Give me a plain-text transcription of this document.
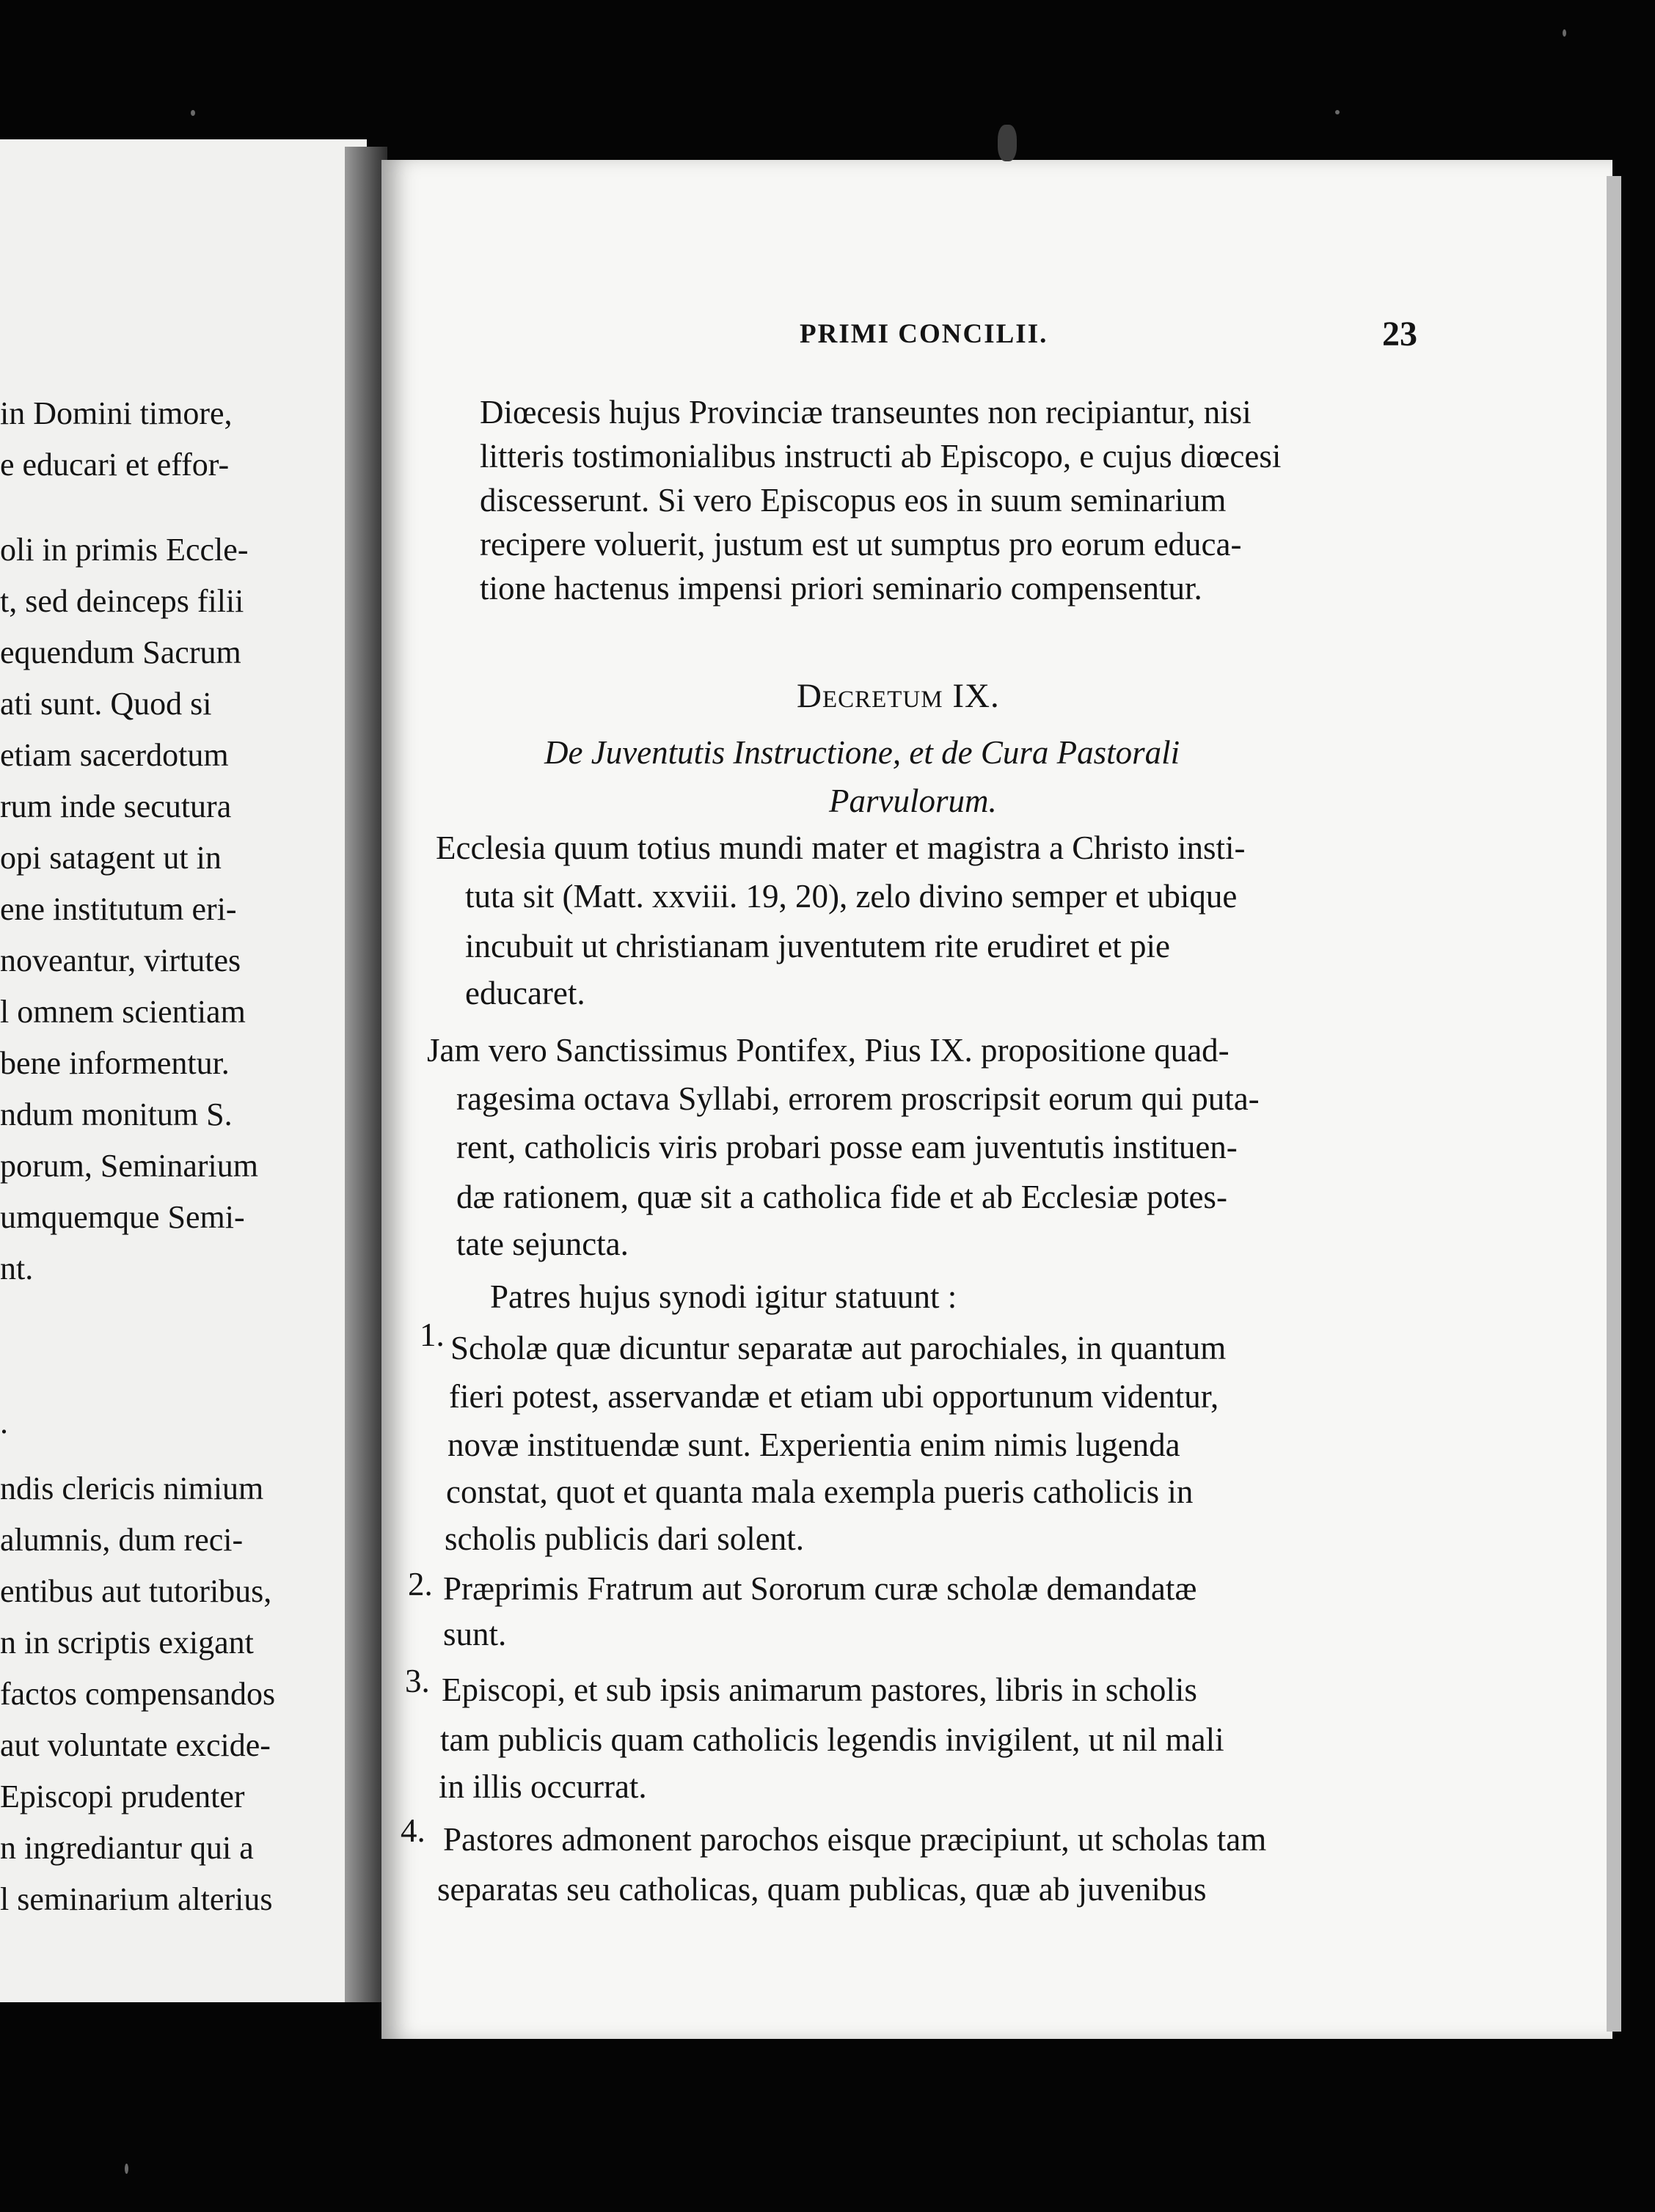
in Domini timore,
e educari et effor-
oli in primis Eccle-
t, sed deinceps filii
equendum Sacrum
ati sunt. Quod si
etiam sacerdotum
rum inde secutura
opi satagent ut in
ene institutum eri-
noveantur, virtutes
l omnem scientiam
bene informentur.
ndum monitum S.
porum, Seminarium
umquemque Semi-
nt.
.
ndis clericis nimium
alumnis, dum reci-
entibus aut tutoribus,
n in scriptis exigant
factos compensandos
aut voluntate excide-
Episcopi prudenter
n ingrediantur qui a
l seminarium alterius
PRIMI CONCILII.	23
Diœcesis hujus Provinciæ transeuntes non recipiantur, nisi
litteris tostimonialibus instructi ab Episcopo, e cujus diœcesi
discesserunt. Si vero Episcopus eos in suum seminarium
recipere voluerit, justum est ut sumptus pro eorum educa-
tione hactenus impensi priori seminario compensentur.
Decretum IX.
De Juventutis Instructione, et de Cura Pastorali
Parvulorum.
Ecclesia quum totius mundi mater et magistra a Christo insti-
tuta sit (Matt. xxviii. 19, 20), zelo divino semper et ubique
incubuit ut christianam juventutem rite erudiret et pie
educaret.
Jam vero Sanctissimus Pontifex, Pius IX. propositione quad-
ragesima octava Syllabi, errorem proscripsit eorum qui puta-
rent, catholicis viris probari posse eam juventutis instituen-
dæ rationem, quæ sit a catholica fide et ab Ecclesiæ potes-
tate sejuncta.
Patres hujus synodi igitur statuunt :
1. Scholæ quæ dicuntur separatæ aut parochiales, in quantum
fieri potest, asservandæ et etiam ubi opportunum videntur,
novæ instituendæ sunt. Experientia enim nimis lugenda
constat, quot et quanta mala exempla pueris catholicis in
scholis publicis dari solent.
2. Præprimis Fratrum aut Sororum curæ scholæ demandatæ
sunt.
3. Episcopi, et sub ipsis animarum pastores, libris in scholis
tam publicis quam catholicis legendis invigilent, ut nil mali
in illis occurrat.
4. Pastores admonent parochos eisque præcipiunt, ut scholas tam
separatas seu catholicas, quam publicas, quæ ab juvenibus
